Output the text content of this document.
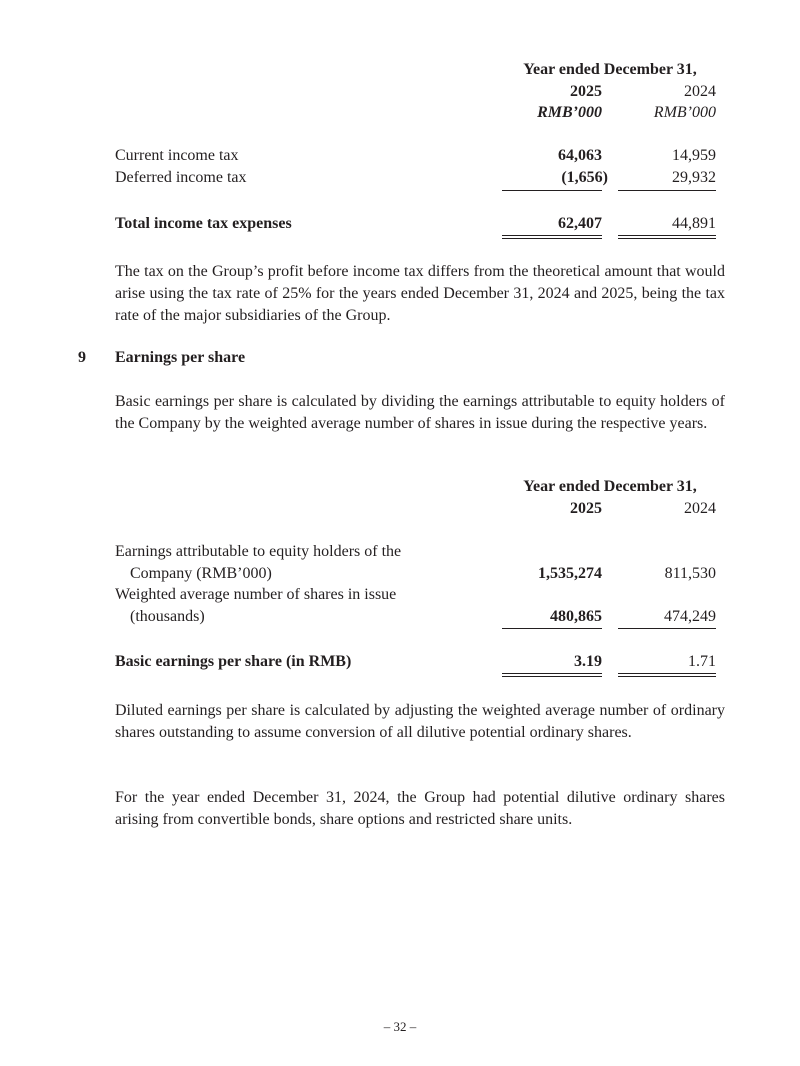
Year ended December 31,
2025	2024
RMB’000	RMB’000
Current income tax	64,063	14,959
Deferred income tax	(1,656)	29,932
Total income tax expenses	62,407	44,891

The tax on the Group’s profit before income tax differs from the theoretical amount that would arise using the tax rate of 25% for the years ended December 31, 2024 and 2025, being the tax rate of the major subsidiaries of the Group.

9 Earnings per share

Basic earnings per share is calculated by dividing the earnings attributable to equity holders of the Company by the weighted average number of shares in issue during the respective years.

Year ended December 31,
2025	2024
Earnings attributable to equity holders of the
Company (RMB’000)	1,535,274	811,530
Weighted average number of shares in issue
(thousands)	480,865	474,249
Basic earnings per share (in RMB)	3.19	1.71

Diluted earnings per share is calculated by adjusting the weighted average number of ordinary shares outstanding to assume conversion of all dilutive potential ordinary shares.

For the year ended December 31, 2024, the Group had potential dilutive ordinary shares arising from convertible bonds, share options and restricted share units.

– 32 –
